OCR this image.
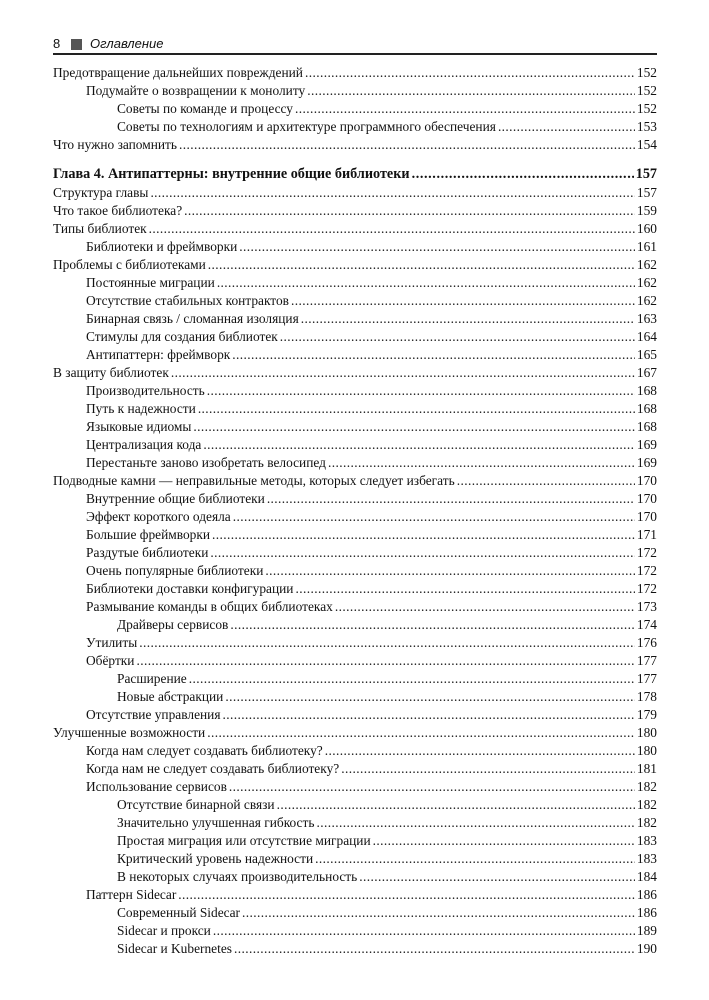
8 Оглавление
Предотвращение дальнейших повреждений .....	152
Подумайте о возвращении к монолиту .....	152
Советы по команде и процессу .....	152
Советы по технологиям и архитектуре программного обеспечения .....	153
Что нужно запомнить .....	154
Глава 4. Антипаттерны: внутренние общие библиотеки .....	157
Структура главы .....	157
Что такое библиотека? .....	159
Типы библиотек .....	160
Библиотеки и фреймворки .....	161
Проблемы с библиотеками .....	162
Постоянные миграции .....	162
Отсутствие стабильных контрактов .....	162
Бинарная связь / сломанная изоляция .....	163
Стимулы для создания библиотек .....	164
Антипаттерн: фреймворк .....	165
В защиту библиотек .....	167
Производительность .....	168
Путь к надежности .....	168
Языковые идиомы .....	168
Централизация кода .....	169
Перестаньте заново изобретать велосипед .....	169
Подводные камни — неправильные методы, которых следует избегать .....	170
Внутренние общие библиотеки .....	170
Эффект короткого одеяла .....	170
Большие фреймворки .....	171
Раздутые библиотеки .....	172
Очень популярные библиотеки .....	172
Библиотеки доставки конфигурации .....	172
Размывание команды в общих библиотеках .....	173
Драйверы сервисов .....	174
Утилиты .....	176
Обёртки .....	177
Расширение .....	177
Новые абстракции .....	178
Отсутствие управления .....	179
Улучшенные возможности .....	180
Когда нам следует создавать библиотеку? .....	180
Когда нам не следует создавать библиотеку? .....	181
Использование сервисов .....	182
Отсутствие бинарной связи .....	182
Значительно улучшенная гибкость .....	182
Простая миграция или отсутствие миграции .....	183
Критический уровень надежности .....	183
В некоторых случаях производительность .....	184
Паттерн Sidecar .....	186
Современный Sidecar .....	186
Sidecar и прокси .....	189
Sidecar и Kubernetes .....	190
